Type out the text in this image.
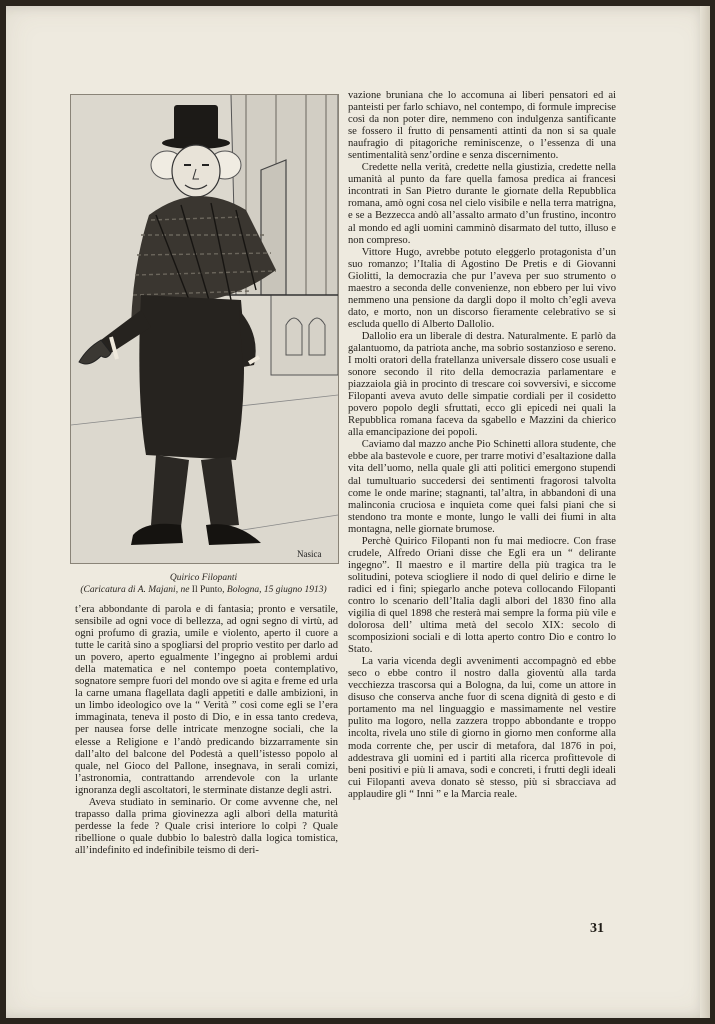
Nasica
Quirico Filopanti
(Caricatura di A. Majani, ne Il Punto, Bologna, 15 giugno 1913)

t’era abbondante di parola e di fantasia; pronto e versatile, sensibile ad ogni voce di bellezza, ad ogni segno di virtù, ad ogni profumo di grazia, umile e violento, aperto il cuore a tutte le carità sino a spogliarsi del proprio vestito per darlo ad un povero, aperto egualmente l’ingegno ai problemi ardui della matematica e nel contempo poeta contemplativo, sognatore sempre fuori del mondo ove si agita e freme ed urla la carne umana flagellata dagli appetiti e dalle ambizioni, in un limbo ideologico ove la “ Verità ” così come egli se l’era immaginata, teneva il posto di Dio, e in essa tanto credeva, per nausea forse delle intricate menzogne sociali, che la elesse a Religione e l’andò predicando bizzarramente sin dall’alto del balcone del Podestà a quell’istesso popolo al quale, nel Gioco del Pallone, insegnava, in serali comizi, l’astronomia, contrattando arrendevole con la urlante ignoranza degli ascoltatori, le sterminate distanze degli astri.

Aveva studiato in seminario. Or come avvenne che, nel trapasso dalla prima giovinezza agli albori della maturità perdesse la fede ? Quale crisi interiore lo colpì ? Quale ribellione o quale dubbio lo balestrò dalla logica tomistica, all’indefinito ed indefinibile teismo di deri-

vazione bruniana che lo accomuna ai liberi pensatori ed ai panteisti per farlo schiavo, nel contempo, di formule imprecise così da non poter dire, nemmeno con indulgenza santificante se fossero il frutto di pensamenti attinti da non si sa quale naufragio di pitagoriche reminiscenze, o l’essenza di una sentimentalità senz’ordine e senza discernimento.

Credette nella verità, credette nella giustizia, credette nella umanità al punto da fare quella famosa predica ai francesi incontrati in San Pietro durante le giornate della Repubblica romana, amò ogni cosa nel cielo visibile e nella terra matrigna, e se a Bezzecca andò all’assalto armato d’un frustino, incontro al mondo ed agli uomini camminò disarmato del tutto, illuso e non compreso.

Vittore Hugo, avrebbe potuto eleggerlo protagonista d’un suo romanzo; l’Italia di Agostino De Pretis e di Giovanni Giolitti, la democrazia che pur l’aveva per suo strumento o maestro a seconda delle convenienze, non ebbero per lui vivo nemmeno una pensione da dargli dopo il molto ch’egli aveva dato, e morto, non un discorso fieramente celebrativo se si escluda quello di Alberto Dallolio.

Dallolio era un liberale di destra. Naturalmente. E parlò da galantuomo, da patriota anche, ma sobrio sostanzioso e sereno. I molti oratori della fratellanza universale dissero cose usuali e sonore secondo il rito della democrazia parlamentare e piazzaiola già in procinto di trescare coi sovversivi, e siccome Filopanti aveva avuto delle simpatie cordiali per il cosidetto povero popolo degli sfruttati, ecco gli epicedi nei quali la Repubblica romana faceva da sgabello e Mazzini da chierico alla emancipazione dei popoli.

Caviamo dal mazzo anche Pio Schinetti allora studente, che ebbe ala bastevole e cuore, per trarre motivi d’esaltazione dalla vita dell’uomo, nella quale gli atti politici emergono stupendi dal tumultuario succedersi dei sentimenti fragorosi talvolta come le onde marine; stagnanti, tal’altra, in abbandoni di una malinconia cruciosa e inquieta come quei falsi piani che si stendono tra monte e monte, lungo le valli dei fiumi in alta montagna, nelle giornate brumose.

Perchè Quirico Filopanti non fu mai mediocre. Con frase crudele, Alfredo Oriani disse che Egli era un “ delirante ingegno”. Il maestro e il martire della più tragica tra le solitudini, poteva sciogliere il nodo di quel delirio e dirne le radici ed i fini; spiegarlo anche poteva collocando Filopanti contro lo scenario dell’Italia dagli albori del 1830 fino alla vigilia di quel 1898 che resterà mai sempre la forma più vile e dolorosa dell’ ultima metà del secolo XIX: secolo di scomposizioni sociali e di lotta aperto contro Dio e contro lo Stato.

La varia vicenda degli avvenimenti accompagnò ed ebbe seco o ebbe contro il nostro dalla gioventù alla tarda vecchiezza trascorsa qui a Bologna, da lui, come un attore in disuso che conserva anche fuor di scena dignità di gesto e di portamento ma nel linguaggio e massimamente nel vestire pulito ma logoro, nella zazzera troppo abbondante e troppo incolta, rivela uno stile di giorno in giorno men conforme alla moda corrente che, per uscir di metafora, dal 1876 in poi, addestrava gli uomini ed i partiti alla ricerca profittevole di beni positivi e più li amava, sodi e concreti, i frutti degli ideali cui Filopanti aveva donato sè stesso, più si sbracciava ad applaudire gli “ Inni ” e la Marcia reale.

31
